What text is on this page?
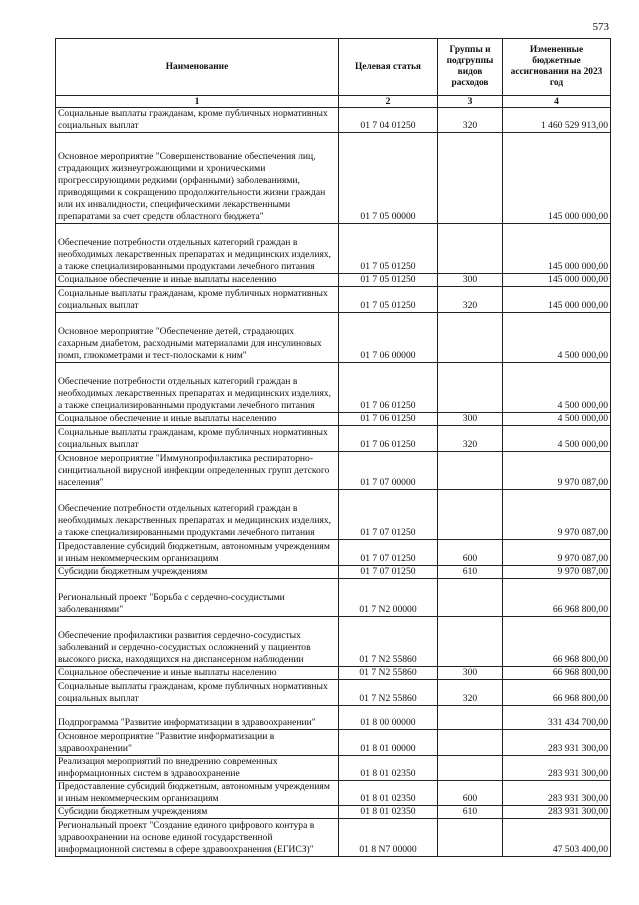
573
Наименование	Целевая статья	Группы и подгруппы видов расходов	Измененные бюджетные ассигнования на 2023 год
1	2	3	4
Социальные выплаты гражданам, кроме публичных нормативных социальных выплат	01 7 04 01250	320	1 460 529 913,00
Основное мероприятие "Совершенствование обеспечения лиц, страдающих жизнеугрожающими и хроническими прогрессирующими редкими (орфанными) заболеваниями, приводящими к сокращению продолжительности жизни граждан или их инвалидности, специфическими лекарственными препаратами за счет средств областного бюджета"	01 7 05 00000		145 000 000,00
Обеспечение потребности отдельных категорий граждан в необходимых лекарственных препаратах и медицинских изделиях, а также специализированными продуктами лечебного питания	01 7 05 01250		145 000 000,00
Социальное обеспечение и иные выплаты населению	01 7 05 01250	300	145 000 000,00
Социальные выплаты гражданам, кроме публичных нормативных социальных выплат	01 7 05 01250	320	145 000 000,00
Основное мероприятие "Обеспечение детей, страдающих сахарным диабетом, расходными материалами для инсулиновых помп, глюкометрами и тест-полосками к ним"	01 7 06 00000		4 500 000,00
Обеспечение потребности отдельных категорий граждан в необходимых лекарственных препаратах и медицинских изделиях, а также специализированными продуктами лечебного питания	01 7 06 01250		4 500 000,00
Социальное обеспечение и иные выплаты населению	01 7 06 01250	300	4 500 000,00
Социальные выплаты гражданам, кроме публичных нормативных социальных выплат	01 7 06 01250	320	4 500 000,00
Основное мероприятие "Иммунопрофилактика респираторно-синцитиальной вирусной инфекции определенных групп детского населения"	01 7 07 00000		9 970 087,00
Обеспечение потребности отдельных категорий граждан в необходимых лекарственных препаратах и медицинских изделиях, а также специализированными продуктами лечебного питания	01 7 07 01250		9 970 087,00
Предоставление субсидий бюджетным, автономным учреждениям и иным некоммерческим организациям	01 7 07 01250	600	9 970 087,00
Субсидии бюджетным учреждениям	01 7 07 01250	610	9 970 087,00
Региональный проект "Борьба с сердечно-сосудистыми заболеваниями"	01 7 N2 00000		66 968 800,00
Обеспечение профилактики развития сердечно-сосудистых заболеваний и сердечно-сосудистых осложнений у пациентов высокого риска, находящихся на диспансерном наблюдении	01 7 N2 55860		66 968 800,00
Социальное обеспечение и иные выплаты населению	01 7 N2 55860	300	66 968 800,00
Социальные выплаты гражданам, кроме публичных нормативных социальных выплат	01 7 N2 55860	320	66 968 800,00
Подпрограмма "Развитие информатизации в здравоохранении"	01 8 00 00000		331 434 700,00
Основное мероприятие "Развитие информатизации в здравоохранении"	01 8 01 00000		283 931 300,00
Реализация мероприятий по внедрению современных информационных систем в здравоохранение	01 8 01 02350		283 931 300,00
Предоставление субсидий бюджетным, автономным учреждениям и иным некоммерческим организациям	01 8 01 02350	600	283 931 300,00
Субсидии бюджетным учреждениям	01 8 01 02350	610	283 931 300,00
Региональный проект "Создание единого цифрового контура в здравоохранении на основе единой государственной информационной системы в сфере здравоохранения (ЕГИСЗ)"	01 8 N7 00000		47 503 400,00
